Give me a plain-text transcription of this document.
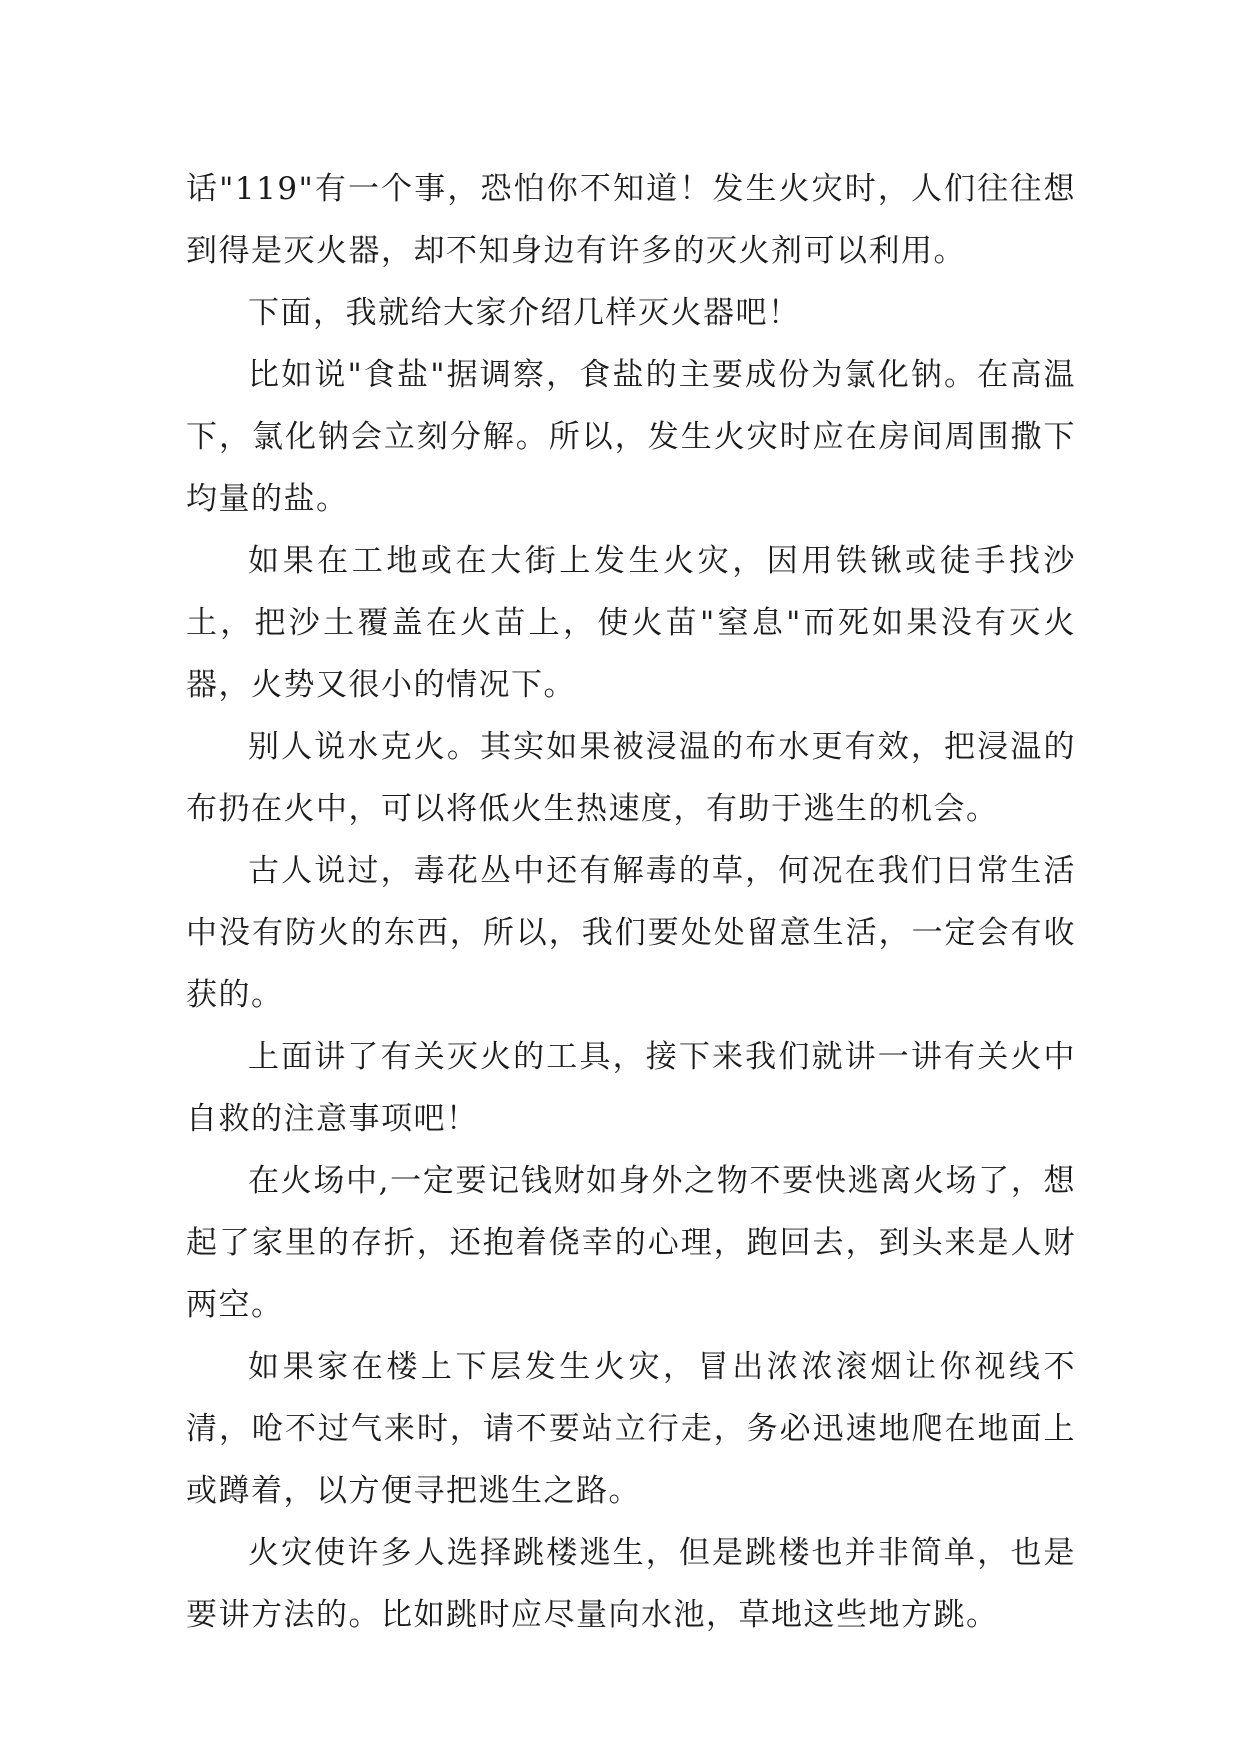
话"119"有一个事，恐怕你不知道！发生火灾时，人们往往想到得是灭火器，却不知身边有许多的灭火剂可以利用。

下面，我就给大家介绍几样灭火器吧！

比如说"食盐"据调察，食盐的主要成份为氯化钠。在高温下，氯化钠会立刻分解。所以，发生火灾时应在房间周围撒下均量的盐。

如果在工地或在大街上发生火灾，因用铁锹或徒手找沙土，把沙土覆盖在火苗上，使火苗"窒息"而死如果没有灭火器，火势又很小的情况下。

别人说水克火。其实如果被浸温的布水更有效，把浸温的布扔在火中，可以将低火生热速度，有助于逃生的机会。

古人说过，毒花丛中还有解毒的草，何况在我们日常生活中没有防火的东西，所以，我们要处处留意生活，一定会有收获的。

上面讲了有关灭火的工具，接下来我们就讲一讲有关火中自救的注意事项吧！

在火场中,一定要记钱财如身外之物不要快逃离火场了，想起了家里的存折，还抱着侥幸的心理，跑回去，到头来是人财两空。

如果家在楼上下层发生火灾，冒出浓浓滚烟让你视线不清，呛不过气来时，请不要站立行走，务必迅速地爬在地面上或蹲着，以方便寻把逃生之路。

火灾使许多人选择跳楼逃生，但是跳楼也并非简单，也是要讲方法的。比如跳时应尽量向水池，草地这些地方跳。
